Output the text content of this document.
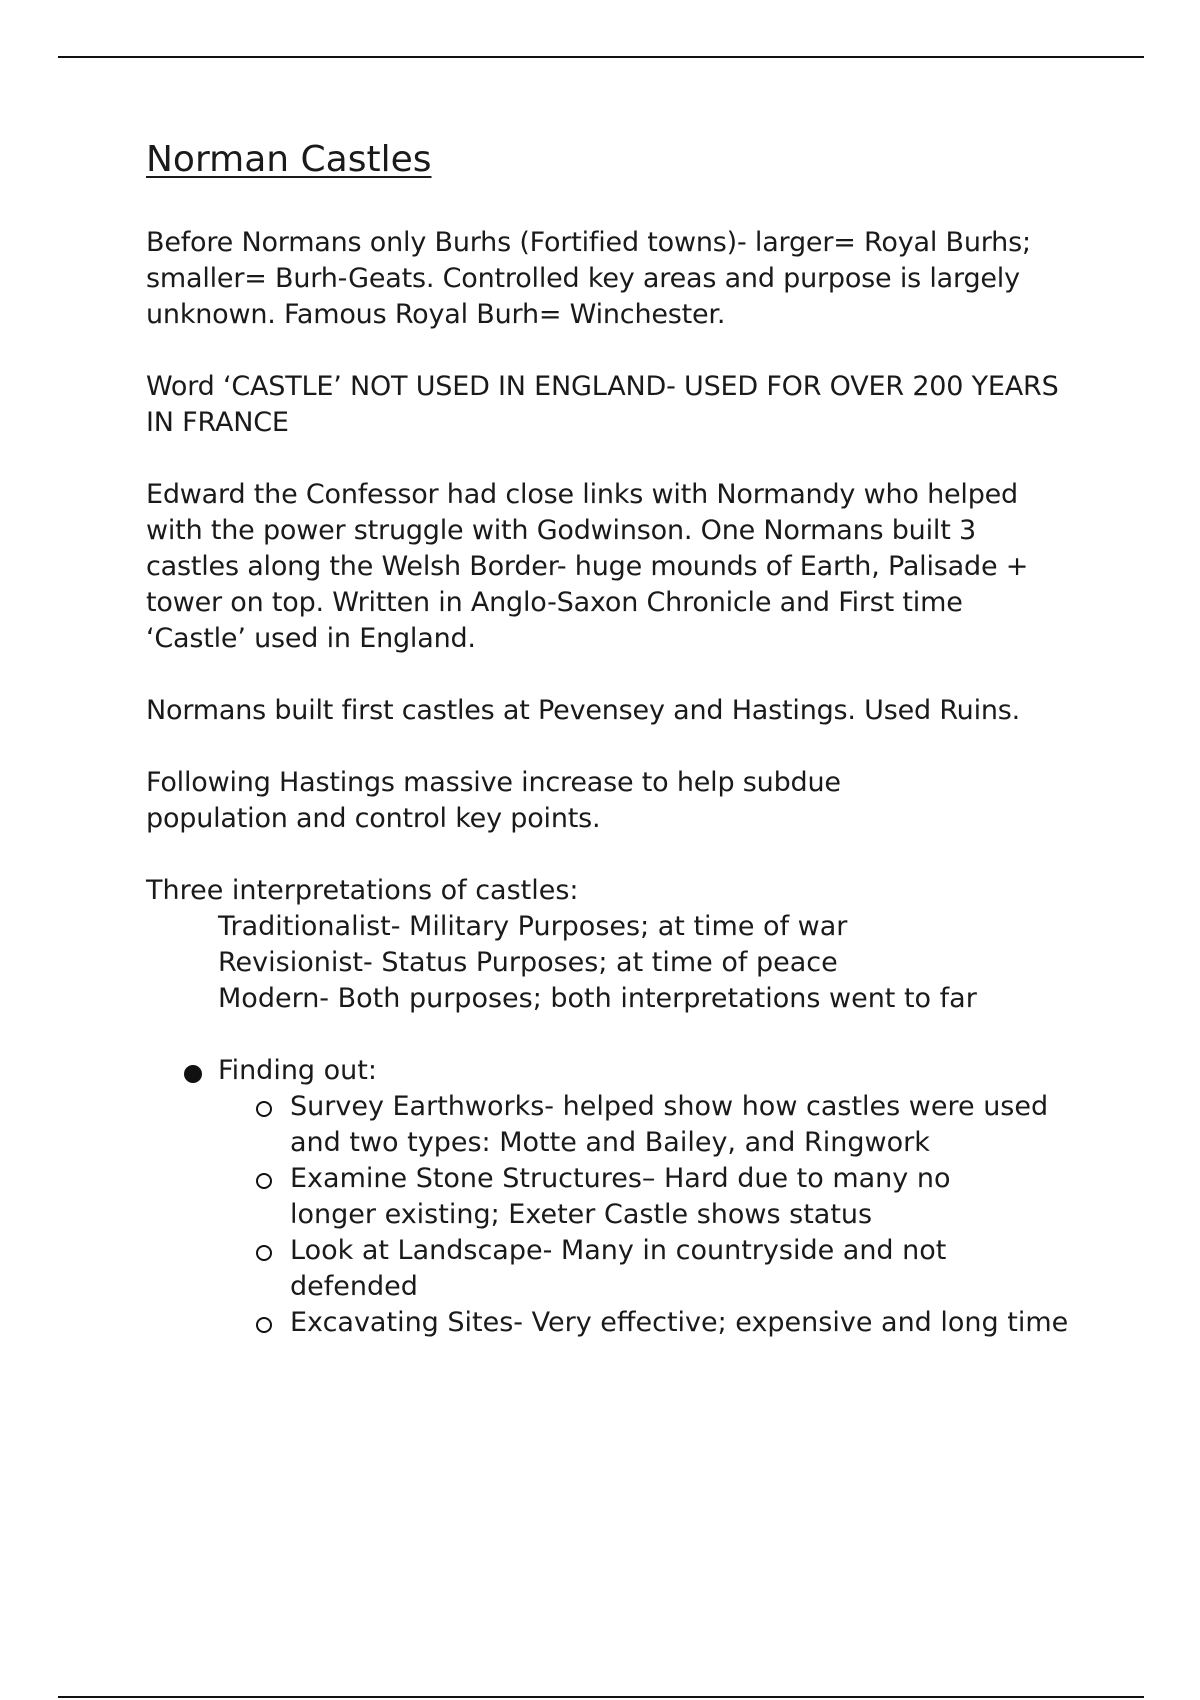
Norman Castles

Before Normans only Burhs (Fortified towns)- larger= Royal Burhs; smaller= Burh-Geats. Controlled key areas and purpose is largely unknown. Famous Royal Burh= Winchester.

Word ‘CASTLE’ NOT USED IN ENGLAND- USED FOR OVER 200 YEARS IN FRANCE

Edward the Confessor had close links with Normandy who helped with the power struggle with Godwinson. One Normans built 3 castles along the Welsh Border- huge mounds of Earth, Palisade + tower on top. Written in Anglo-Saxon Chronicle and First time ‘Castle’ used in England.

Normans built first castles at Pevensey and Hastings. Used Ruins.

Following Hastings massive increase to help subdue population and control key points.

Three interpretations of castles:
Traditionalist- Military Purposes; at time of war
Revisionist- Status Purposes; at time of peace
Modern- Both purposes; both interpretations went to far
Finding out:
Survey Earthworks- helped show how castles were used and two types: Motte and Bailey, and Ringwork
Examine Stone Structures– Hard due to many no longer existing; Exeter Castle shows status
Look at Landscape- Many in countryside and not defended
Excavating Sites- Very effective; expensive and long time
